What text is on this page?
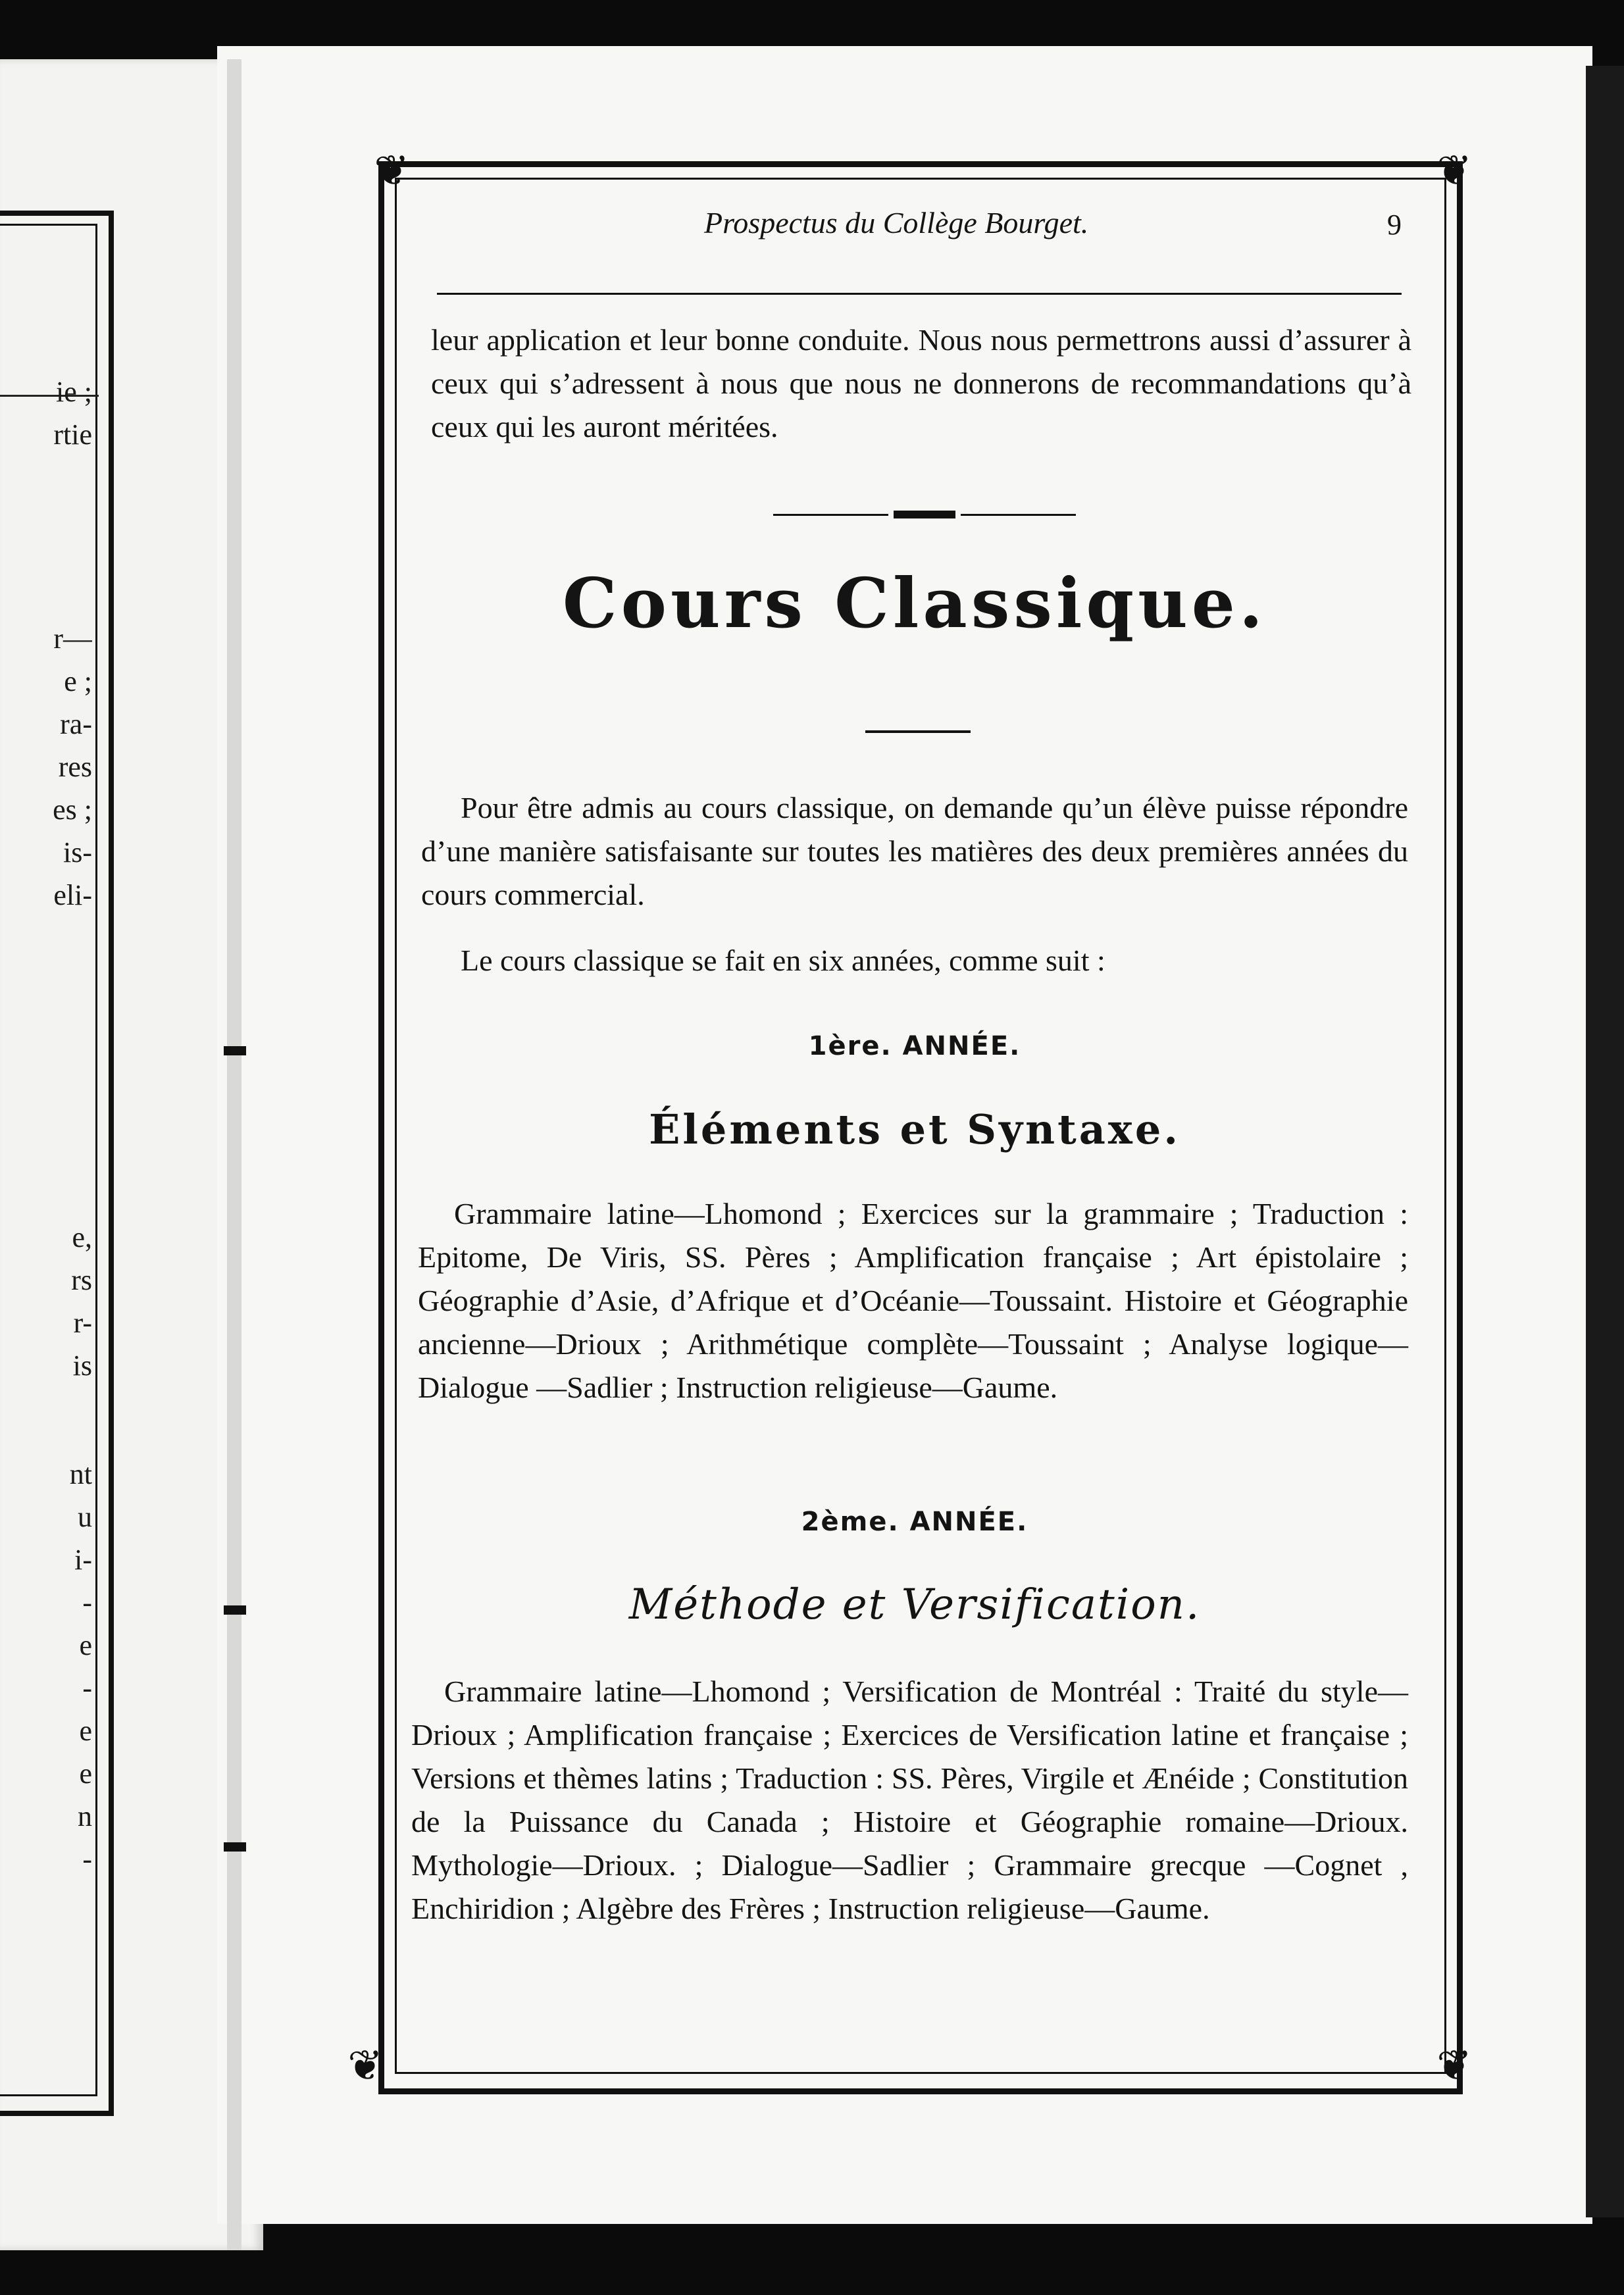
ie ;
rtie
r—
e ;
ra-
res
es ;
is-
eli-
e,
rs
r-
is
nt
u
i-
-
e
-
e
e
n
-
❦	❦
❦	❦
Prospectus du Collège Bourget.	9

leur application et leur bonne conduite. Nous nous permettrons aussi d’assurer à ceux qui s’adressent à nous que nous ne donnerons de recommandations qu’à ceux qui les auront méritées.

Cours Classique.

Pour être admis au cours classique, on demande qu’un élève puisse répondre d’une manière satisfaisante sur toutes les matières des deux premières années du cours commercial.

Le cours classique se fait en six années, comme suit :

1ère. ANNÉE.
Éléments et Syntaxe.

Grammaire latine—Lhomond ; Exercices sur la grammaire ; Traduction : Epitome, De Viris, SS. Pères ; Amplification française ; Art épistolaire ; Géographie d’Asie, d’Afrique et d’Océanie—Toussaint. Histoire et Géographie ancienne—Drioux ; Arithmétique complète—Toussaint ; Analyse logique—Dialogue —Sadlier ; Instruction religieuse—Gaume.

2ème. ANNÉE.
Méthode et Versification.

Grammaire latine—Lhomond ; Versification de Montréal : Traité du style—Drioux ; Amplification française ; Exercices de Versification latine et française ; Versions et thèmes latins ; Traduction : SS. Pères, Virgile et Ænéide ; Constitution de la Puissance du Canada ; Histoire et Géographie romaine—Drioux. Mythologie—Drioux. ; Dialogue—Sadlier ; Grammaire grecque —Cognet , Enchiridion ; Algèbre des Frères ; Instruction religieuse—Gaume.
